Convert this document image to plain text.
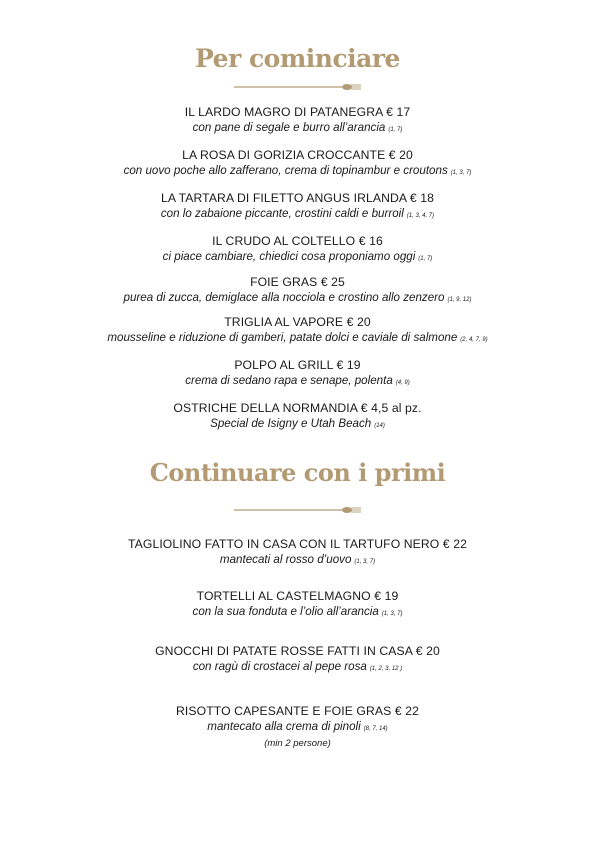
Per cominciare
IL LARDO MAGRO DI PATANEGRA € 17
con pane di segale e burro all’arancia (1, 7)
LA ROSA DI GORIZIA CROCCANTE € 20
con uovo poche allo zafferano, crema di topinambur e croutons (1, 3, 7)
LA TARTARA DI FILETTO ANGUS IRLANDA € 18
con lo zabaione piccante, crostini caldi e burroil (1, 3, 4, 7)
IL CRUDO AL COLTELLO € 16
ci piace cambiare, chiedici cosa proponiamo oggi (1, 7)
FOIE GRAS € 25
purea di zucca, demiglace alla nocciola e crostino allo zenzero (1, 9, 12)
TRIGLIA AL VAPORE € 20
mousseline e riduzione di gamberi, patate dolci e caviale di salmone (2, 4, 7, 9)
POLPO AL GRILL € 19
crema di sedano rapa e senape, polenta (4, 9)
OSTRICHE DELLA NORMANDIA € 4,5 al pz.
Special de Isigny e Utah Beach (14)
Continuare con i primi
TAGLIOLINO FATTO IN CASA CON IL TARTUFO NERO € 22
mantecati al rosso d’uovo (1, 3, 7)
TORTELLI AL CASTELMAGNO € 19
con la sua fonduta e l’olio all’arancia (1, 3, 7)
GNOCCHI DI PATATE ROSSE FATTI IN CASA € 20
con ragù di crostacei al pepe rosa (1, 2, 3, 12 )
RISOTTO CAPESANTE E FOIE GRAS € 22
mantecato alla crema di pinoli (8, 7, 14)
(min 2 persone)
